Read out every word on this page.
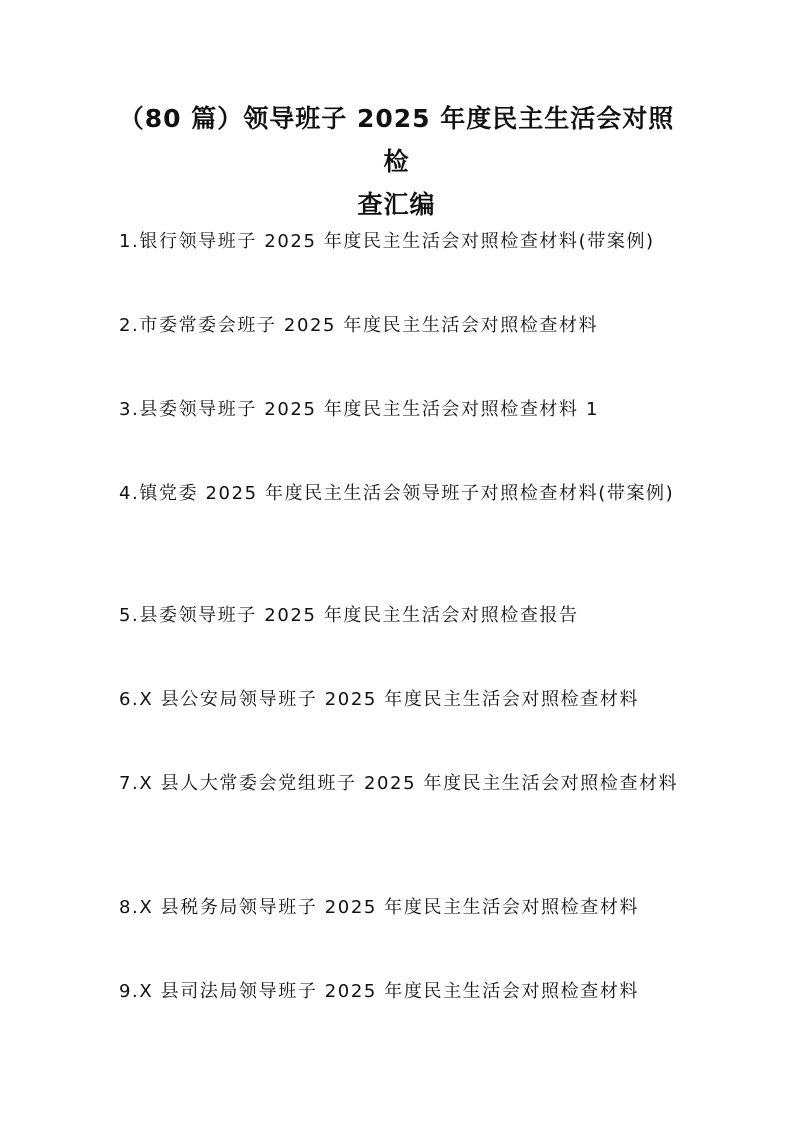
（80 篇）领导班子 2025 年度民主生活会对照检
查汇编
1.银行领导班子 2025 年度民主生活会对照检查材料(带案例)
2.市委常委会班子 2025 年度民主生活会对照检查材料
3.县委领导班子 2025 年度民主生活会对照检查材料 1
4.镇党委 2025 年度民主生活会领导班子对照检查材料(带案例)
5.县委领导班子 2025 年度民主生活会对照检查报告
6.X 县公安局领导班子 2025 年度民主生活会对照检查材料
7.X 县人大常委会党组班子 2025 年度民主生活会对照检查材料
8.X 县税务局领导班子 2025 年度民主生活会对照检查材料
9.X 县司法局领导班子 2025 年度民主生活会对照检查材料
